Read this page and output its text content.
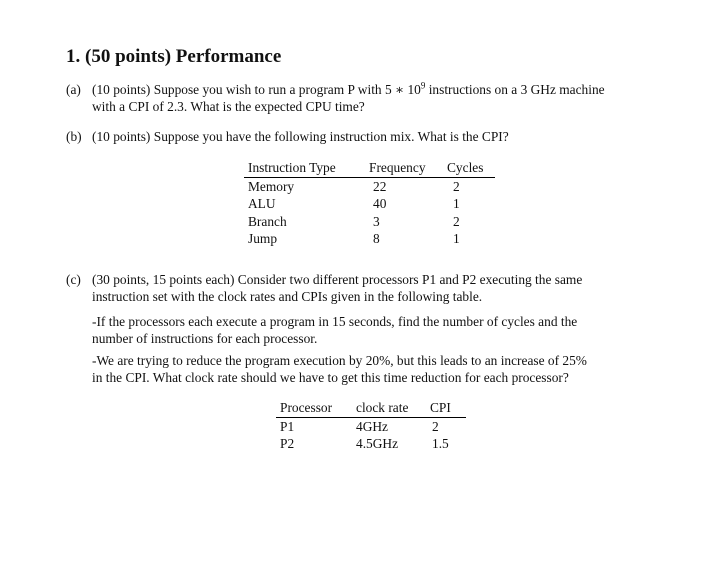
1. (50 points) Performance
(a) (10 points) Suppose you wish to run a program P with 5 ∗ $10^9$ instructions on a 3 GHz machine
with a CPI of 2.3. What is the expected CPU time?
(b) (10 points) Suppose you have the following instruction mix. What is the CPI?
Instruction Type	Frequency	Cycles
Memory	22	2
ALU	40	1
Branch	3	2
Jump	8	1
(c) (30 points, 15 points each) Consider two different processors P1 and P2 executing the same
instruction set with the clock rates and CPIs given in the following table.
-If the processors each execute a program in 15 seconds, find the number of cycles and the
number of instructions for each processor.
-We are trying to reduce the program execution by 20%, but this leads to an increase of 25%
in the CPI. What clock rate should we have to get this time reduction for each processor?
Processor	clock rate	CPI
P1	4GHz	2
P2	4.5GHz	1.5
